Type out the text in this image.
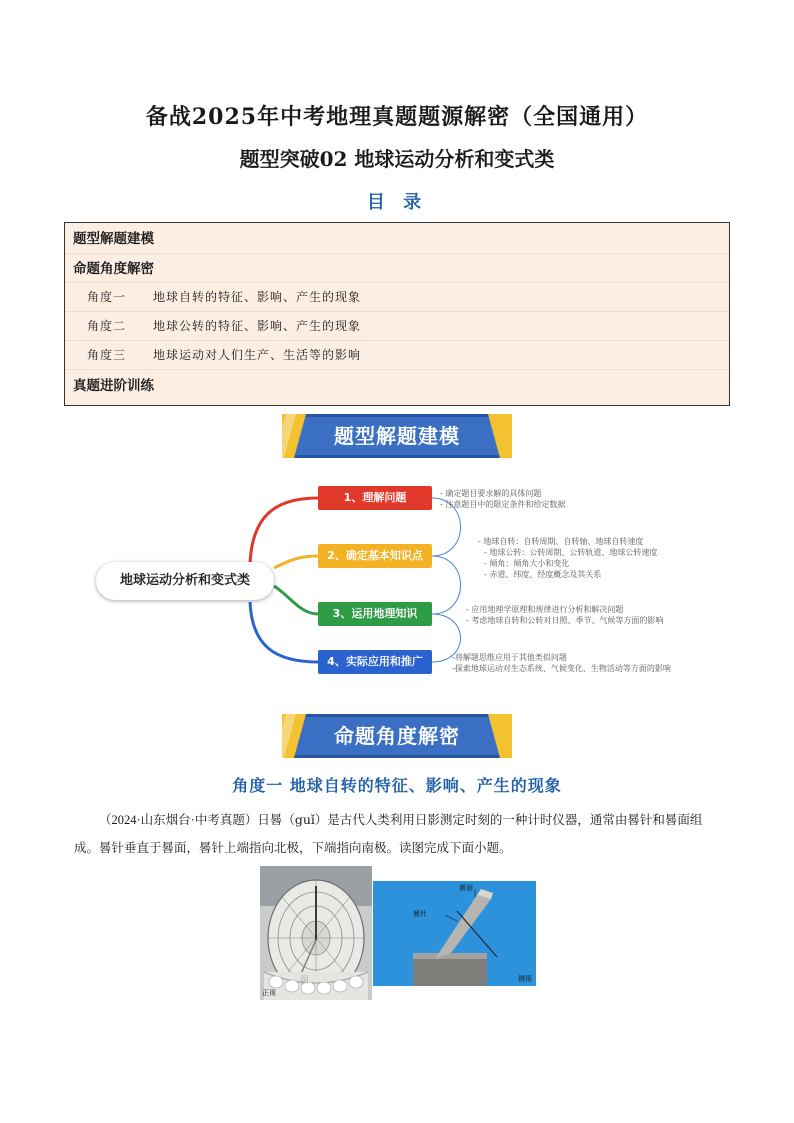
备战2025年中考地理真题题源解密（全国通用）
题型突破02 地球运动分析和变式类
目 录
题型解题建模
命题角度解密
角度一 地球自转的特征、影响、产生的现象
角度二 地球公转的特征、影响、产生的现象
角度三 地球运动对人们生产、生活等的影响
真题进阶训练
题型解题建模
地球运动分析和变式类
1、理解问题
2、确定基本知识点
3、运用地理知识
4、实际应用和推广
- 确定题目要求解的具体问题
- 注意题目中的限定条件和给定数据
- 地球自转：自转周期、自转轴、地球自转速度
- 地球公转：公转周期、公转轨道、地球公转速度
- 倾角：倾角大小和变化
- 赤道、纬度、经度概念及其关系
- 应用地理学原理和规律进行分析和解决问题
- 考虑地球自转和公转对日照、季节、气候等方面的影响
-将解题思维应用于其他类似问题
-探索地球运动对生态系统、气候变化、生物活动等方面的影响
命题角度解密
角度一 地球自转的特征、影响、产生的现象
（2024·山东烟台·中考真题）日晷（guǐ）是古代人类利用日影测定时刻的一种计时仪器，通常由晷针和晷面组成。晷针垂直于晷面，晷针上端指向北极，下端指向南极。读图完成下面小题。
正视
图
晷面
晷针
侧视
